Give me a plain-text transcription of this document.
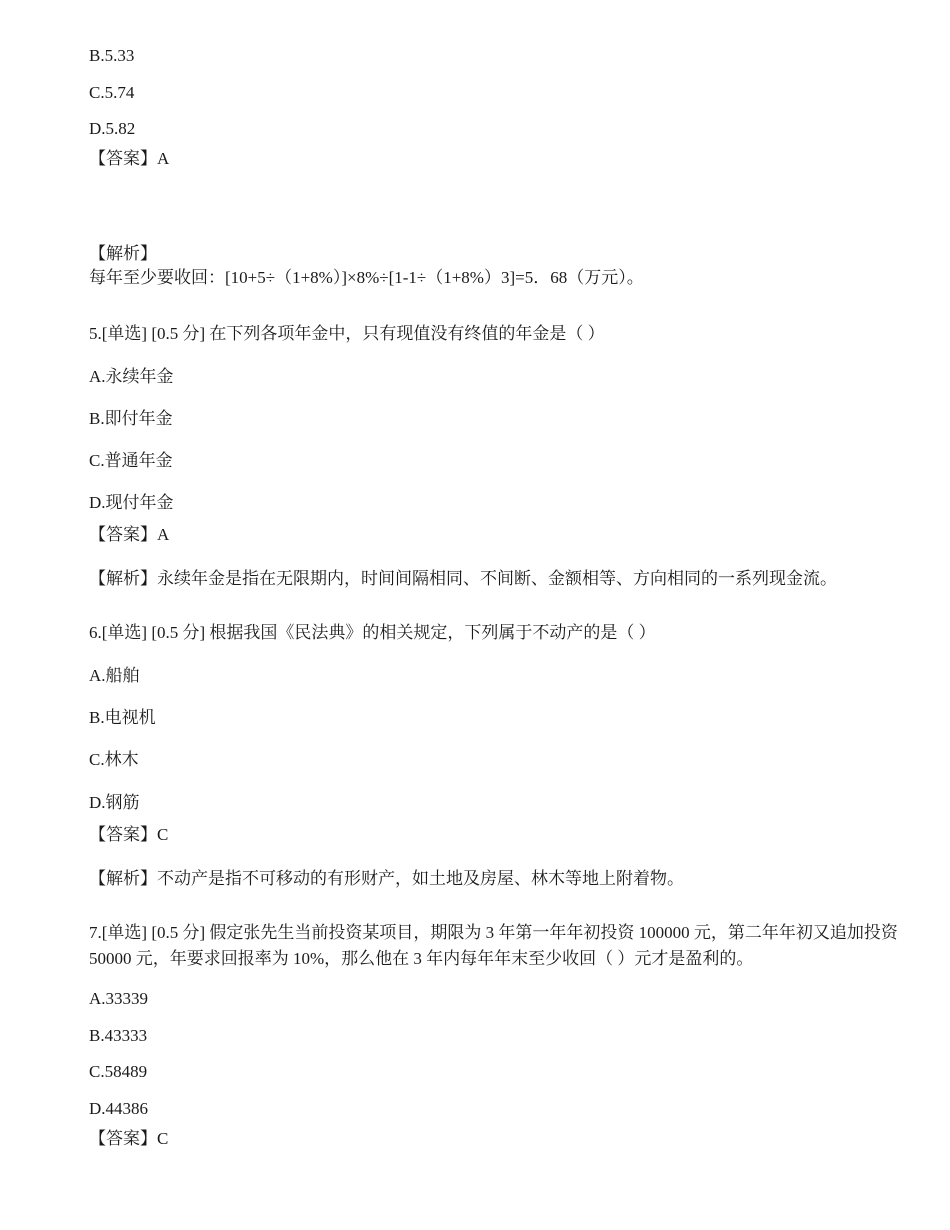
B.5.33
C.5.74
D.5.82
【答案】A
【解析】
每年至少要收回：[10+5÷（1+8%）]×8%÷[1-1÷（1+8%）3]=5．68（万元）。
5.[单选] [0.5 分] 在下列各项年金中，只有现值没有终值的年金是（ ）
A.永续年金
B.即付年金
C.普通年金
D.现付年金
【答案】A
【解析】永续年金是指在无限期内，时间间隔相同、不间断、金额相等、方向相同的一系列现金流。
6.[单选] [0.5 分] 根据我国《民法典》的相关规定，下列属于不动产的是（ ）
A.船舶
B.电视机
C.林木
D.钢筋
【答案】C
【解析】不动产是指不可移动的有形财产，如土地及房屋、林木等地上附着物。
7.[单选] [0.5 分] 假定张先生当前投资某项目，期限为 3 年第一年年初投资 100000 元，第二年年初又追加投资 50000 元，年要求回报率为 10%，那么他在 3 年内每年年末至少收回（ ）元才是盈利的。
A.33339
B.43333
C.58489
D.44386
【答案】C
